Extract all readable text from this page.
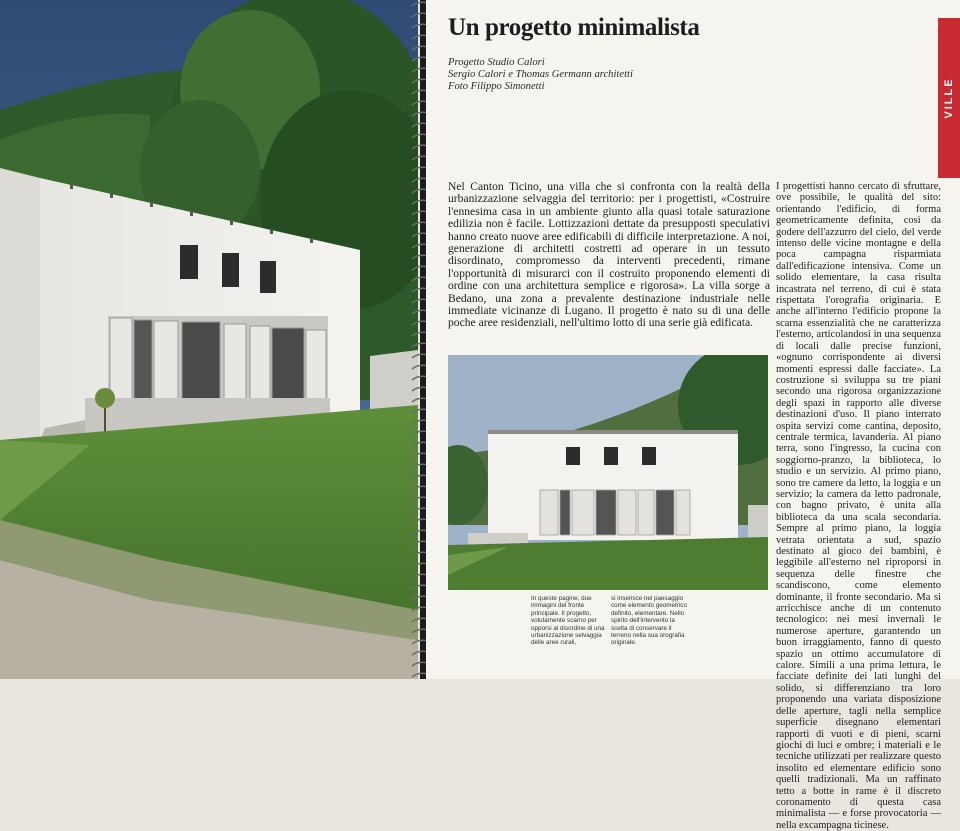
Un progetto minimalista
Progetto Studio Calori
Sergio Calori e Thomas Germann architetti
Foto Filippo Simonetti	VILLE

Nel Canton Ticino, una villa che si confronta con la realtà della urbanizzazione selvaggia del territorio: per i progettisti, «Costruire l'ennesima casa in un ambiente giunto alla quasi totale saturazione edilizia non è facile. Lottizzazioni dettate da presupposti speculativi hanno creato nuove aree edificabili di difficile interpretazione. A noi, generazione di architetti costretti ad operare in un tessuto disordinato, compromesso da interventi precedenti, rimane l'opportunità di misurarci con il costruito proponendo elementi di ordine con una architettura semplice e rigorosa». La villa sorge a Bedano, una zona a prevalente destinazione industriale nelle immediate vicinanze di Lugano. Il progetto è nato su di una delle poche aree residenziali, nell'ultimo lotto di una serie già edificata.

In queste pagine, due immagini del fronte principale. Il progetto, volutamente scarno per opporsi al disordine di una urbanizzazione selvaggia delle aree rurali,

si inserisce nel paesaggio come elemento geometrico definito, elementare. Nello spirito dell'intervento la scelta di conservare il terreno nella sua orografia originale.

I progettisti hanno cercato di sfruttare, ove possibile, le qualità del sito: orientando l'edificio, di forma geometricamente definita, così da godere dell'azzurro del cielo, del verde intenso delle vicine montagne e della poca campagna risparmiata dall'edificazione intensiva. Come un solido elementare, la casa risulta incastrata nel terreno, di cui è stata rispettata l'orografia originaria. E anche all'interno l'edificio propone la scarna essenzialità che ne caratterizza l'esterno, articolandosi in una sequenza di locali dalle precise funzioni, «ognuno corrispondente ai diversi momenti espressi dalle facciate». La costruzione si sviluppa su tre piani secondo una rigorosa organizzazione degli spazi in rapporto alle diverse destinazioni d'uso. Il piano interrato ospita servizi come cantina, deposito, centrale termica, lavanderia. Al piano terra, sono l'ingresso, la cucina con soggiorno-pranzo, la biblioteca, lo studio e un servizio. Al primo piano, sono tre camere da letto, la loggia e un servizio; la camera da letto padronale, con bagno privato, è unita alla biblioteca da una scala secondaria. Sempre al primo piano, la loggia vetrata orientata a sud, spazio destinato al gioco dei bambini, è leggibile all'esterno nel riproporsi in sequenza delle finestre che scandiscono, come elemento dominante, il fronte secondario. Ma si arricchisce anche di un contenuto tecnologico: nei mesi invernali le numerose aperture, garantendo un buon irraggiamento, fanno di questo spazio un ottimo accumulatore di calore. Simili a una prima lettura, le facciate definite dei lati lunghi del solido, si differenziano tra loro proponendo una variata disposizione delle aperture, tagli nella semplice superficie disegnano elementari rapporti di vuoti e di pieni, scarni giochi di luci e ombre; i materiali e le tecniche utilizzati per realizzare questo insolito ed elementare edificio sono quelli tradizionali. Ma un raffinato tetto a botte in rame è il discreto coronamento di questa casa minimalista — e forse provocatoria — nella excampagna ticinese.
